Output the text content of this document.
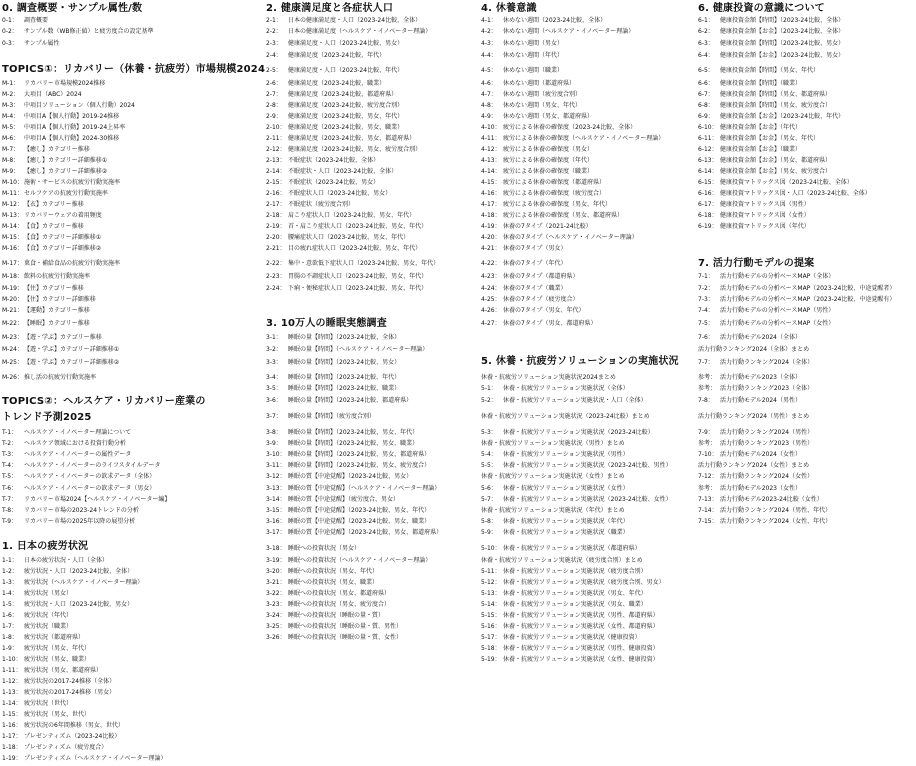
0. 調査概要・サンプル属性/数
0-1： 調査概要
0-2： サンプル数（WB修正値）と疲労度合の設定基準
0-3： サンプル属性
TOPICS①：リカバリー（休養・抗疲労）市場規模2024
M-1： リカバリー市場規模2024推移
M-2： 大項目（ABC）2024
M-3： 中項目ソリューション（個人行動）2024
M-4： 中項目A【個人行動】2019-24推移
M-5： 中項目A【個人行動】2019-24上昇率
M-6： 中項目A【個人行動】2024-30推移
M-7： 【癒し】カテゴリー推移
M-8： 【癒し】カテゴリー詳細推移①
M-9： 【癒し】カテゴリー詳細推移②
M-10：施術・サービスの抗疲労行動実施率
M-11：セルフケアの抗疲労行動実施率
M-12：【衣】カテゴリー推移
M-13：リカバリーウェアの着用頻度
M-14：【食】カテゴリー推移
M-15：【食】カテゴリー詳細推移①
M-16：【食】カテゴリー詳細推移②
M-17：菓食・補給食品の抗疲労行動実施率
M-18：飲料の抗疲労行動実施率
M-19：【住】カテゴリー推移
M-20：【住】カテゴリー詳細推移
M-21：【運動】カテゴリー推移
M-22：【睡眠】カテゴリー推移
M-23：【遊・学ぶ】カテゴリー推移
M-24：【遊・学ぶ】カテゴリー詳細推移①
M-25：【遊・学ぶ】カテゴリー詳細推移②
M-26：推し活の抗疲労行動実施率
TOPICS②：ヘルスケア・リカバリー産業の
トレンド予測2025
T-1： ヘルスケア・イノベーター理論について
T-2： ヘルスケア領域における投資行動分析
T-3： ヘルスケア・イノベーターの属性データ
T-4： ヘルスケア・イノベーターのライフスタイルデータ
T-5： ヘルスケア・イノベーターの欲求データ（全体）
T-6： ヘルスケア・イノベーターの欲求データ（男女）
T-7： リカバリー市場2024【ヘルスケア・イノベーター編】
T-8： リカバリー市場の2023-24トレンドの分析
T-9： リカバリー市場の2025年以降の展望分析
1. 日本の疲労状況
1-1： 日本の疲労状況・人口（全体）
1-2： 疲労状況・人口（2023-24比較、全体）
1-3： 疲労状況（ヘルスケア・イノベーター理論）
1-4： 疲労状況（男女）
1-5： 疲労状況・人口（2023-24比較、男女）
1-6： 疲労状況（年代）
1-7： 疲労状況（職業）
1-8： 疲労状況（都道府県）
1-9： 疲労状況（男女、年代）
1-10： 疲労状況（男女、職業）
1-11： 疲労状況（男女、都道府県）
1-12： 疲労状況の2017-24推移（全体）
1-13： 疲労状況の2017-24推移（男女）
1-14： 疲労状況（世代）
1-15： 疲労状況（男女、世代）
1-16： 疲労状況の6年間推移（男女、世代）
1-17： プレゼンティズム（2023-24比較）
1-18： プレゼンティズム（疲労度合）
1-19： プレゼンティズム（ヘルスケア・イノベーター理論）
2. 健康満足度と各症状人口
2-1： 日本の健康満足度・人口（2023-24比較、全体）
2-2： 日本の健康満足度（ヘルスケア・イノベーター理論）
2-3： 健康満足度・人口（2023-24比較、男女）
2-4： 健康満足度（2023-24比較、年代）
2-5： 健康満足度・人口（2023-24比較、年代）
2-6： 健康満足度（2023-24比較、職業）
2-7： 健康満足度（2023-24比較、都道府県）
2-8： 健康満足度（2023-24比較、疲労度合別）
2-9： 健康満足度（2023-24比較、男女、年代）
2-10： 健康満足度（2023-24比較、男女、職業）
2-11： 健康満足度（2023-24比較、男女、都道府県）
2-12： 健康満足度（2023-24比較、男女、疲労度合別）
2-13： 不眠症状（2023-24比較、全体）
2-14： 不眠症状・人口（2023-24比較、全体）
2-15： 不眠症状（2023-24比較、男女）
2-16： 不眠症状人口（2023-24比較、男女）
2-17： 不眠症状（疲労度合別）
2-18： 肩こり症状人口（2023-24比較、男女、年代）
2-19： 首・肩こり症状人口（2023-24比較、男女、年代）
2-20： 腰痛症状人口（2023-24比較、男女、年代）
2-21： 目の疲れ症状人口（2023-24比較、男女、年代）
2-22： 集中・意欲低下症状人口（2023-24比較、男女、年代）
2-23： 胃腸の不調症状人口（2023-24比較、男女、年代）
2-24： 下痢・便秘症状人口（2023-24比較、男女、年代）
3. 10万人の睡眠実態調査
3-1： 睡眠の量【時間】（2023-24比較、全体）
3-2： 睡眠の量【時間】（ヘルスケア・イノベーター理論）
3-3： 睡眠の量【時間】（2023-24比較、男女）
3-4： 睡眠の量【時間】（2023-24比較、年代）
3-5： 睡眠の量【時間】（2023-24比較、職業）
3-6： 睡眠の量【時間】（2023-24比較、都道府県）
3-7： 睡眠の量【時間】（疲労度合別）
3-8： 睡眠の量【時間】（2023-24比較、男女、年代）
3-9： 睡眠の量【時間】（2023-24比較、男女、職業）
3-10： 睡眠の量【時間】（2023-24比較、男女、都道府県）
3-11： 睡眠の量【時間】（2023-24比較、男女、疲労度合）
3-12： 睡眠の質【中途覚醒】（2023-24比較、男女）
3-13： 睡眠の質【中途覚醒】（ヘルスケア・イノベーター理論）
3-14： 睡眠の質【中途覚醒】（疲労度合、男女）
3-15： 睡眠の質【中途覚醒】（2023-24比較、男女、年代）
3-16： 睡眠の質【中途覚醒】（2023-24比較、男女、職業）
3-17： 睡眠の質【中途覚醒】（2023-24比較、男女、都道府県）
3-18： 睡眠への投資状況（男女）
3-19： 睡眠への投資状況（ヘルスケア・イノベーター理論）
3-20： 睡眠への投資状況（男女、年代）
3-21： 睡眠への投資状況（男女、職業）
3-22： 睡眠への投資状況（男女、都道府県）
3-23： 睡眠への投資状況（男女、疲労度合）
3-24： 睡眠への投資状況（睡眠の量・質）
3-25： 睡眠への投資状況（睡眠の量・質、男性）
3-26： 睡眠への投資状況（睡眠の量・質、女性）
4. 休養意識
4-1： 休めない週間（2023-24比較、全体）
4-2： 休めない週間（ヘルスケア・イノベーター理論）
4-3： 休めない週間（男女）
4-4： 休めない週間（年代）
4-5： 休めない週間（職業）
4-6： 休めない週間（都道府県）
4-7： 休めない週間（疲労度合別）
4-8： 休めない週間（男女、年代）
4-9： 休めない週間（男女、都道府県）
4-10： 疲労による休養の確保度（2023-24比較、全体）
4-11： 疲労による休養の確保度（ヘルスケア・イノベーター理論）
4-12： 疲労による休養の確保度（男女）
4-13： 疲労による休養の確保度（年代）
4-14： 疲労による休養の確保度（職業）
4-15： 疲労による休養の確保度（都道府県）
4-16： 疲労による休養の確保度（疲労度合）
4-17： 疲労による休養の確保度（男女、年代）
4-18： 疲労による休養の確保度（男女、都道府県）
4-19： 休養の7タイプ（2021-24比較）
4-20： 休養の7タイプ（ヘルスケア・イノベーター理論）
4-21： 休養の7タイプ（男女）
4-22： 休養の7タイプ（年代）
4-23： 休養の7タイプ（都道府県）
4-24： 休養の7タイプ（職業）
4-25： 休養の7タイプ（疲労度合）
4-26： 休養の7タイプ（男女、年代）
4-27： 休養の7タイプ（男女、都道府県）
5. 休養・抗疲労ソリューションの実施状況
休養・抗疲労ソリューション実施状況2024まとめ
5-1： 休養・抗疲労ソリューション実施状況（全体）
5-2： 休養・抗疲労ソリューション実施状況・人口（全体）
休養・抗疲労ソリューション実施状況（2023-24比較）まとめ
5-3： 休養・抗疲労ソリューション実施状況（2023-24比較）
休養・抗疲労ソリューション実施状況（男性）まとめ
5-4： 休養・抗疲労ソリューション実施状況（男性）
5-5： 休養・抗疲労ソリューション実施状況（2023-24比較、男性）
休養・抗疲労ソリューション実施状況（女性）まとめ
5-6： 休養・抗疲労ソリューション実施状況（女性）
5-7： 休養・抗疲労ソリューション実施状況（2023-24比較、女性）
休養・抗疲労ソリューション実施状況（年代）まとめ
5-8： 休養・抗疲労ソリューション実施状況（年代）
5-9： 休養・抗疲労ソリューション実施状況（職業）
5-10： 休養・抗疲労ソリューション実施状況（都道府県）
休養・抗疲労ソリューション実施状況（疲労度合別）まとめ
5-11： 休養・抗疲労ソリューション実施状況（疲労度合別）
5-12： 休養・抗疲労ソリューション実施状況（疲労度合別、男女）
5-13： 休養・抗疲労ソリューション実施状況（男女、年代）
5-14： 休養・抗疲労ソリューション実施状況（男女、職業）
5-15： 休養・抗疲労ソリューション実施状況（男性、都道府県）
5-16： 休養・抗疲労ソリューション実施状況（女性、都道府県）
5-17： 休養・抗疲労ソリューション実施状況（健康投資）
5-18： 休養・抗疲労ソリューション実施状況（男性、健康投資）
5-19： 休養・抗疲労ソリューション実施状況（女性、健康投資）
6. 健康投資の意識について
6-1： 健康投資金額【時間】（2023-24比較、全体）
6-2： 健康投資金額【お金】（2023-24比較、全体）
6-3： 健康投資金額【時間】（2023-24比較、男女）
6-4： 健康投資金額【お金】（2023-24比較、男女）
6-5： 健康投資金額【時間】（男女、年代）
6-6： 健康投資金額【時間】（職業）
6-7： 健康投資金額【時間】（男女、都道府県）
6-8： 健康投資金額【時間】（男女、疲労度合）
6-9： 健康投資金額【お金】（2023-24比較、年代）
6-10： 健康投資金額【お金】（年代）
6-11： 健康投資金額【お金】（男女、年代）
6-12： 健康投資金額【お金】（職業）
6-13： 健康投資金額【お金】（男女、都道府県）
6-14： 健康投資金額【お金】（男女、疲労度合）
6-15： 健康投資マトリックス図（2023-24比較、全体）
6-16： 健康投資マトリックス図・人口（2023-24比較、全体）
6-17： 健康投資マトリックス図（男性）
6-18： 健康投資マトリックス図（女性）
6-19： 健康投資マトリックス図（年代）
7. 活力行動モデルの提案
7-1： 活力行動モデルの分析ベースMAP（全体）
7-2： 活力行動モデルの分析ベースMAP（2023-24比較、中途覚醒者）
7-3： 活力行動モデルの分析ベースMAP（2023-24比較、中途覚醒有）
7-4： 活力行動モデルの分析ベースMAP（男性）
7-5： 活力行動モデルの分析ベースMAP（女性）
7-6： 活力行動モデル2024（全体）
活力行動ランキング2024（全体）まとめ
7-7： 活力行動ランキング2024（全体）
参考： 活力行動モデル2023（全体）
参考： 活力行動ランキング2023（全体）
7-8： 活力行動モデル2024（男性）
活力行動ランキング2024（男性）まとめ
7-9： 活力行動ランキング2024（男性）
参考： 活力行動ランキング2023（男性）
7-10： 活力行動モデル2024（女性）
活力行動ランキング2024（女性）まとめ
7-12： 活力行動ランキング2024（女性）
参考： 活力行動モデル2023（女性）
7-13： 活力行動モデル2023-24比較（女性）
7-14： 活力行動ランキング2024（男性、年代）
7-15： 活力行動ランキング2024（女性、年代）
